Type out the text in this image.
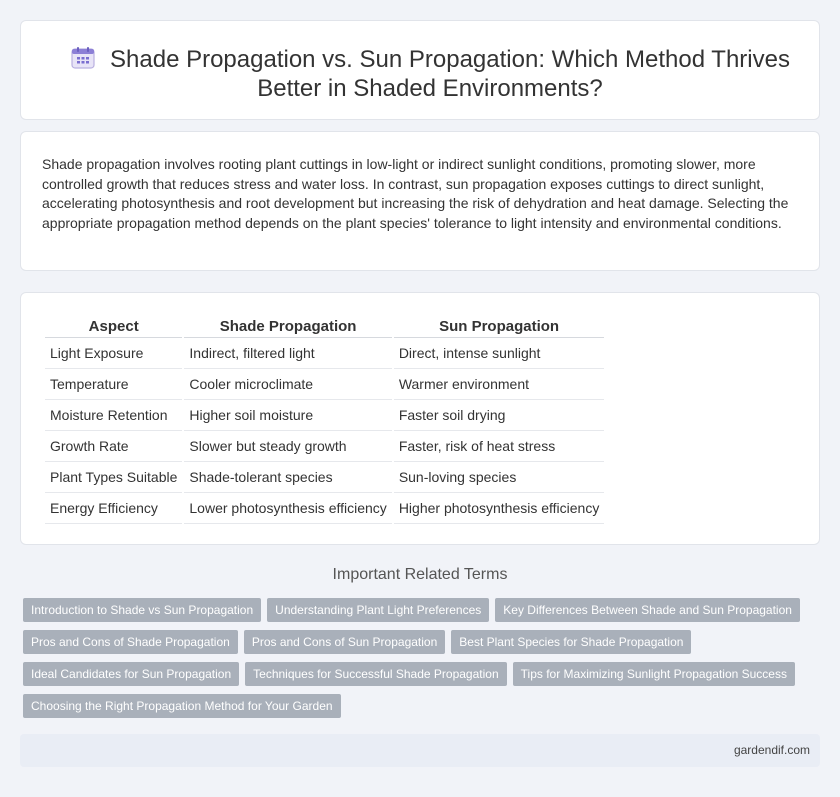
Shade Propagation vs. Sun Propagation: Which Method Thrives Better in Shaded Environments?

Shade propagation involves rooting plant cuttings in low-light or indirect sunlight conditions, promoting slower, more controlled growth that reduces stress and water loss. In contrast, sun propagation exposes cuttings to direct sunlight, accelerating photosynthesis and root development but increasing the risk of dehydration and heat damage. Selecting the appropriate propagation method depends on the plant species' tolerance to light intensity and environmental conditions.

Aspect	Shade Propagation	Sun Propagation
Light Exposure	Indirect, filtered light	Direct, intense sunlight
Temperature	Cooler microclimate	Warmer environment
Moisture Retention	Higher soil moisture	Faster soil drying
Growth Rate	Slower but steady growth	Faster, risk of heat stress
Plant Types Suitable	Shade-tolerant species	Sun-loving species
Energy Efficiency	Lower photosynthesis efficiency	Higher photosynthesis efficiency
Important Related Terms
Introduction to Shade vs Sun Propagation	Understanding Plant Light Preferences	Key Differences Between Shade and Sun Propagation
Pros and Cons of Shade Propagation	Pros and Cons of Sun Propagation	Best Plant Species for Shade Propagation
Ideal Candidates for Sun Propagation	Techniques for Successful Shade Propagation	Tips for Maximizing Sunlight Propagation Success
Choosing the Right Propagation Method for Your Garden
gardendif.com
